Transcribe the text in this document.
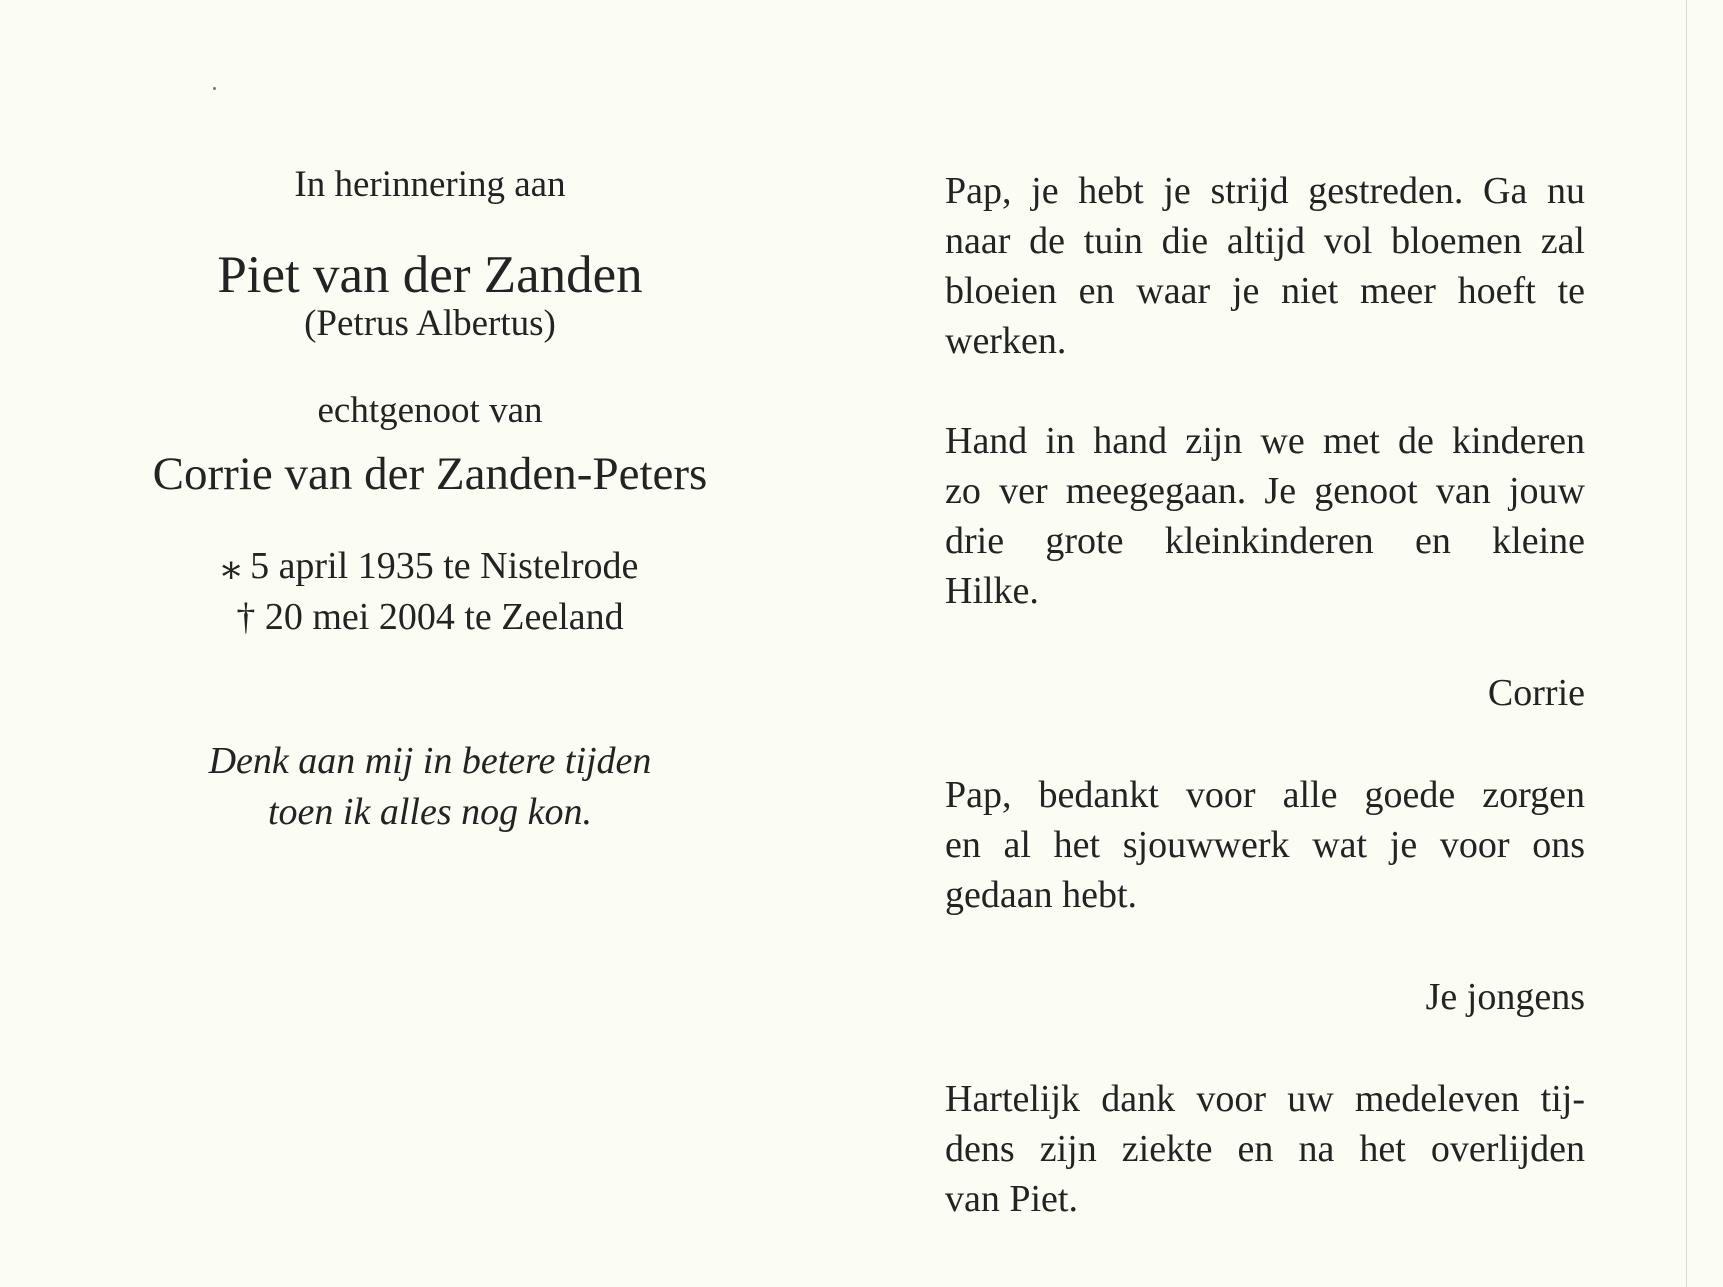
In herinnering aan

Piet van der Zanden

(Petrus Albertus)

echtgenoot van

Corrie van der Zanden-Peters

⁎ 5 april 1935 te Nistelrode
† 20 mei 2004 te Zeeland
Denk aan mij in betere tijden
toen ik alles nog kon.

Pap, je hebt je strijd gestreden. Ga nu
naar de tuin die altijd vol bloemen zal
bloeien en waar je niet meer hoeft te
werken.

Hand in hand zijn we met de kinderen
zo ver meegegaan. Je genoot van jouw
drie grote kleinkinderen en kleine
Hilke.

Corrie

Pap, bedankt voor alle goede zorgen
en al het sjouwwerk wat je voor ons
gedaan hebt.

Je jongens

Hartelijk dank voor uw medeleven tij-
dens zijn ziekte en na het overlijden
van Piet.
